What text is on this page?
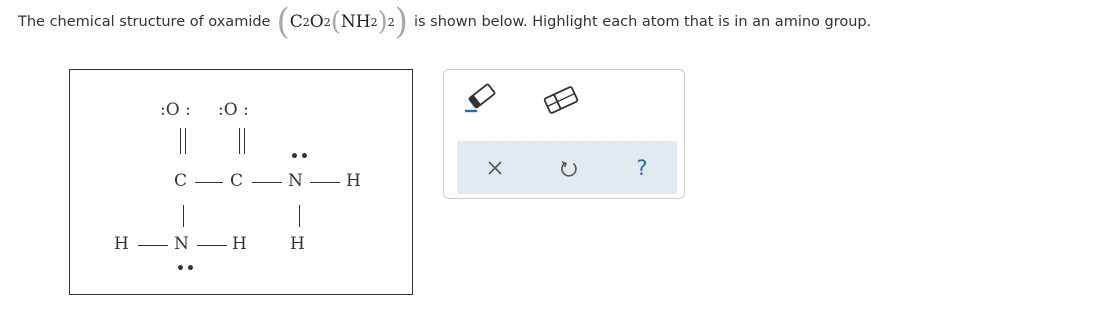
The chemical structure of oxamide ( C 2 O 2 ( NH 2 ) 2 ) is shown below. Highlight each atom that is in an amino group.
:O : :O :
C	C
••
N	H
H	N
••
H	H
?
